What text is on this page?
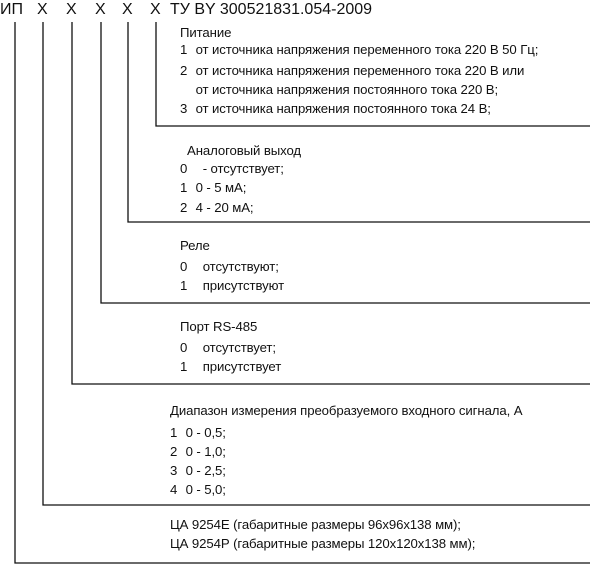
ИП Х Х Х Х Х ТУ BY 300521831.054-2009
Питание
1 от источника напряжения переменного тока 220 В 50 Гц;
2 от источника напряжения переменного тока 220 В или
от источника напряжения постоянного тока 220 В;
3 от источника напряжения постоянного тока 24 В;
Аналоговый выход
0 - отсутствует;
1 0 - 5 мА;
2 4 - 20 мА;
Реле
0 отсутствуют;
1 присутствуют
Порт RS-485
0 отсутствует;
1 присутствует
Диапазон измерения преобразуемого входного сигнала, А
1 0 - 0,5;
2 0 - 1,0;
3 0 - 2,5;
4 0 - 5,0;
ЦА 9254Е (габаритные размеры 96х96х138 мм);
ЦА 9254Р (габаритные размеры 120х120х138 мм);
